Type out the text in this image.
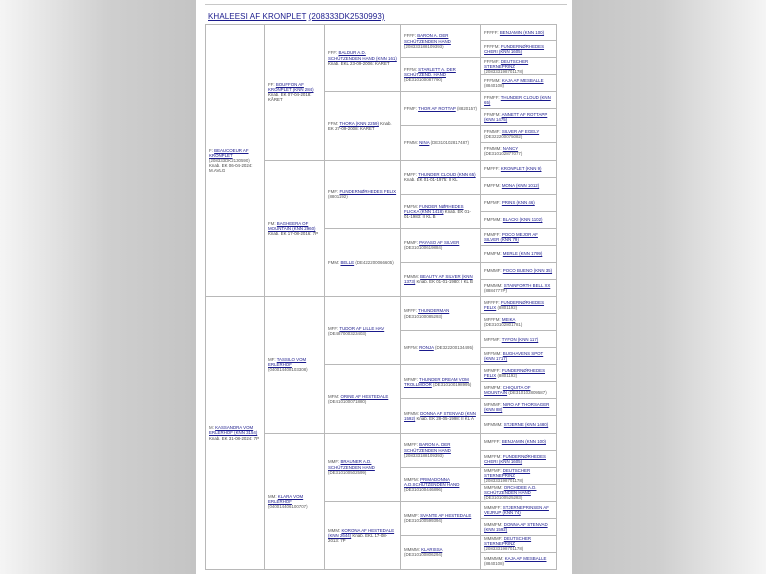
KHALEESI AF KRONPLET (208333DK2530993)
F: BEAUCOEUR AF KRONPLET (208333DK2130590) Knab. EK 06-04-2024: M.AVLG
FF: BOUFFON AF KRONPLET (KNN 284) Knab. EK 07-04-2018: KÅRET
FFF: BALDUR A.D. SCHÜTZENDEN HAND (KNN 161) Knab. EKL 23-09-2006: KÅRET
FFFF: BARON A. DER SCHÜTZENDEN HAND (208333188109393)
FFFFF: BENJAMIN (KNN 100)
FFFFM: FUNDERNØRHEDES CHERI (KNN 1605)
FFFM: STARLETT A. DER SCHÜTZEND. HAND (DE310100087790)
FFFMF: DEUTSCHER STERNEPRINZ (208333198701178)
FFFMM: KAJA AF MESBALLE (8840108)
FFM: THORA (KNN 2259) Knab. EK 27-09-2008: KÅRET
FFMF: THOR AF ROTTAP (8820157)
FFMFF: THUNDER CLOUD (KNN 65)
FFMFM: ANNETT AF ROTTAPP (KNN 1475)
FFMM: NINA (DE310102817487)
FFMMF: SILVER AF EGELY (DE322200075082)
FFMMM: NANCY (DE310102877077)
FM: BAGHEERA OF MOUNTAIN (KNN 2960) Knab. EK 17-08-2016: 7P
FMF: FUNDERNØRHEDES FELIX (8801192)
FMFF: THUNDER CLOUD (KNN 65) Knab. EK 01-01-1975: II KL
FMFFF: KRONPLET (KNN 9)
FMFFM: MONA (KNN 1012)
FMFM: FUNDER NØRHEDES FLICKA (KNN 1418) Knab. EK 01-01-1983: II KL B
FMFMF: PRINS (KNN 46)
FMFMM: BLACKI (KNN 1102)
FMM: BELLE (DE422200066605)
FMMF: PAYASO AF SILVER (DE310100619884)
FMMFF: POCO MEJOR AF SILVER (KNN 79)
FMMFM: MERLE (KNN 1799)
FMMM: BEAUTY AF SILVER (KNN 1373) Knab. EK 01-01-1980: I KL B
FMMMF: POCO BUENO (KNN 35)
FMMMM: STAINFORTH BELL XX (8884777P)
M: KASSANDRA VOM ERLERHOF (KNN 3154) Knab. EK 31-08-2024: 7P
MF: TASSILO VOM ERLERHOF (040014408103308)
MFF: TUDOR AF LILLE HAV (DE487000323403)
MFFF: THUNDERMAN (DE310100085293)
MFFFF: FUNDERNØRHEDES FELIX (8801192)
MFFFM: MEIKA (DE310102801781)
MFFM: RONJA (DE322200134495)
MFFMF: TYFON (KNN 117)
MFFMM: BUGHAVENS SPOT (KNN 1717)
MFM: ORINE AF HESTEDALE (DE410100071880)
MFMF: THUNDER DREAM VOM TROLLMOOR (DE310100198995)
MFMFF: FUNDERNØRHEDES FELIX (8801192)
MFMFM: CHIQUITA OF MOUNTAIN (DE310102809587)
MFMM: DONNA AF STENVAD (KNN 1592) Knab. EK 28-05-1998: II KL A
MFMMF: NIRO AF THORSAGER (KNN 88)
MFMMM: STJERNE (KNN 1480)
MM: KLARA VOM ERLERHOF (040014406100707)
MMF: BRAUNER A.D. SCHÜTZENDEN HAND (DE310100502599)
MMFF: BARON A. DER SCHÜTZENDEN HAND (208333188109393)
MMFFF: BENJAMIN (KNN 100)
MMFFM: FUNDERNØRHEDES CHERI (KNN 1605)
MMFM: PRIMADONNA A.D.SCHÜTZENDEN HAND (DE310100446896)
MMFMF: DEUTSCHER STERNEPRINZ (208333198701178)
MMFMM: ORCHIDEE A.D. SCHÜTZENDEN HAND (DE310100525283)
MMM: KORONA AF HESTEDALE (KNN 2644) Knab. EKL 17-08-2013: 7P
MMMF: SVANTE AF HESTEDALE (DE310100599394)
MMMFF: STJERNEPRINSEN AF VEJRUP (KNN 74)
MMMFM: DONNA AF STENVAD (KNN 1592)
MMMM: KLARISSA (DE310100806294)
MMMMF: DEUTSCHER STERNEPRINZ (208333198701178)
MMMMM: KAJA AF MESBALLE (8840108)
